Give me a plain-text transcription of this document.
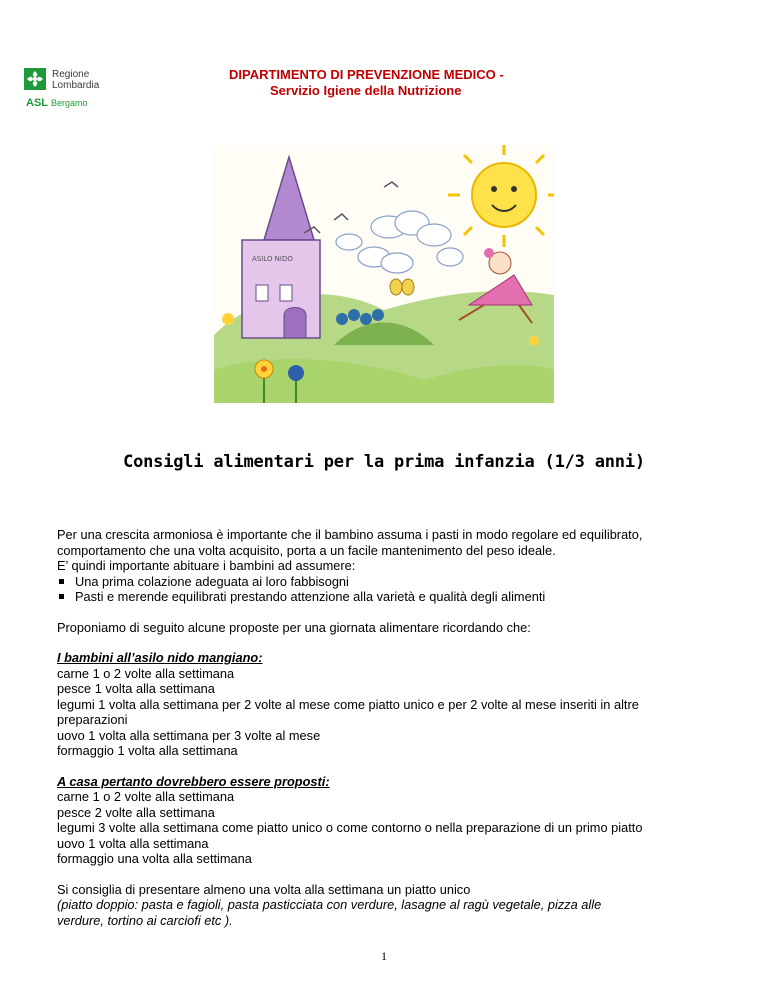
Regione
Lombardia
ASL Bergamo
DIPARTIMENTO DI PREVENZIONE MEDICO -
Servizio Igiene della Nutrizione
ASILO NIDO
Consigli alimentari per la prima infanzia (1/3 anni)

Per una crescita armoniosa è importante che il bambino assuma i pasti in modo regolare ed equilibrato,

comportamento che una volta acquisito, porta a un facile mantenimento del peso ideale.

E’ quindi importante abituare i bambini ad assumere:

Una prima colazione adeguata ai loro fabbisogni
Pasti e merende equilibrati prestando attenzione alla varietà e qualità degli alimenti

Proponiamo di seguito alcune proposte per una giornata alimentare ricordando che:

I bambini all’asilo nido mangiano:

carne 1 o 2 volte alla settimana

pesce 1 volta alla settimana

legumi 1 volta alla settimana per 2 volte al mese come piatto unico e per 2 volte al mese inseriti in altre

preparazioni

uovo 1 volta alla settimana per 3 volte al mese

formaggio 1 volta alla settimana

A casa pertanto dovrebbero essere proposti:

carne 1 o 2 volte alla settimana

pesce 2 volte alla settimana

legumi 3 volte alla settimana come piatto unico o come contorno o nella preparazione di un primo piatto

uovo 1 volta alla settimana

formaggio una volta alla settimana

Si consiglia di presentare almeno una volta alla settimana un piatto unico

(piatto doppio: pasta e fagioli, pasta pasticciata con verdure, lasagne al ragù vegetale, pizza alle

verdure, tortino ai carciofi etc ).

1
